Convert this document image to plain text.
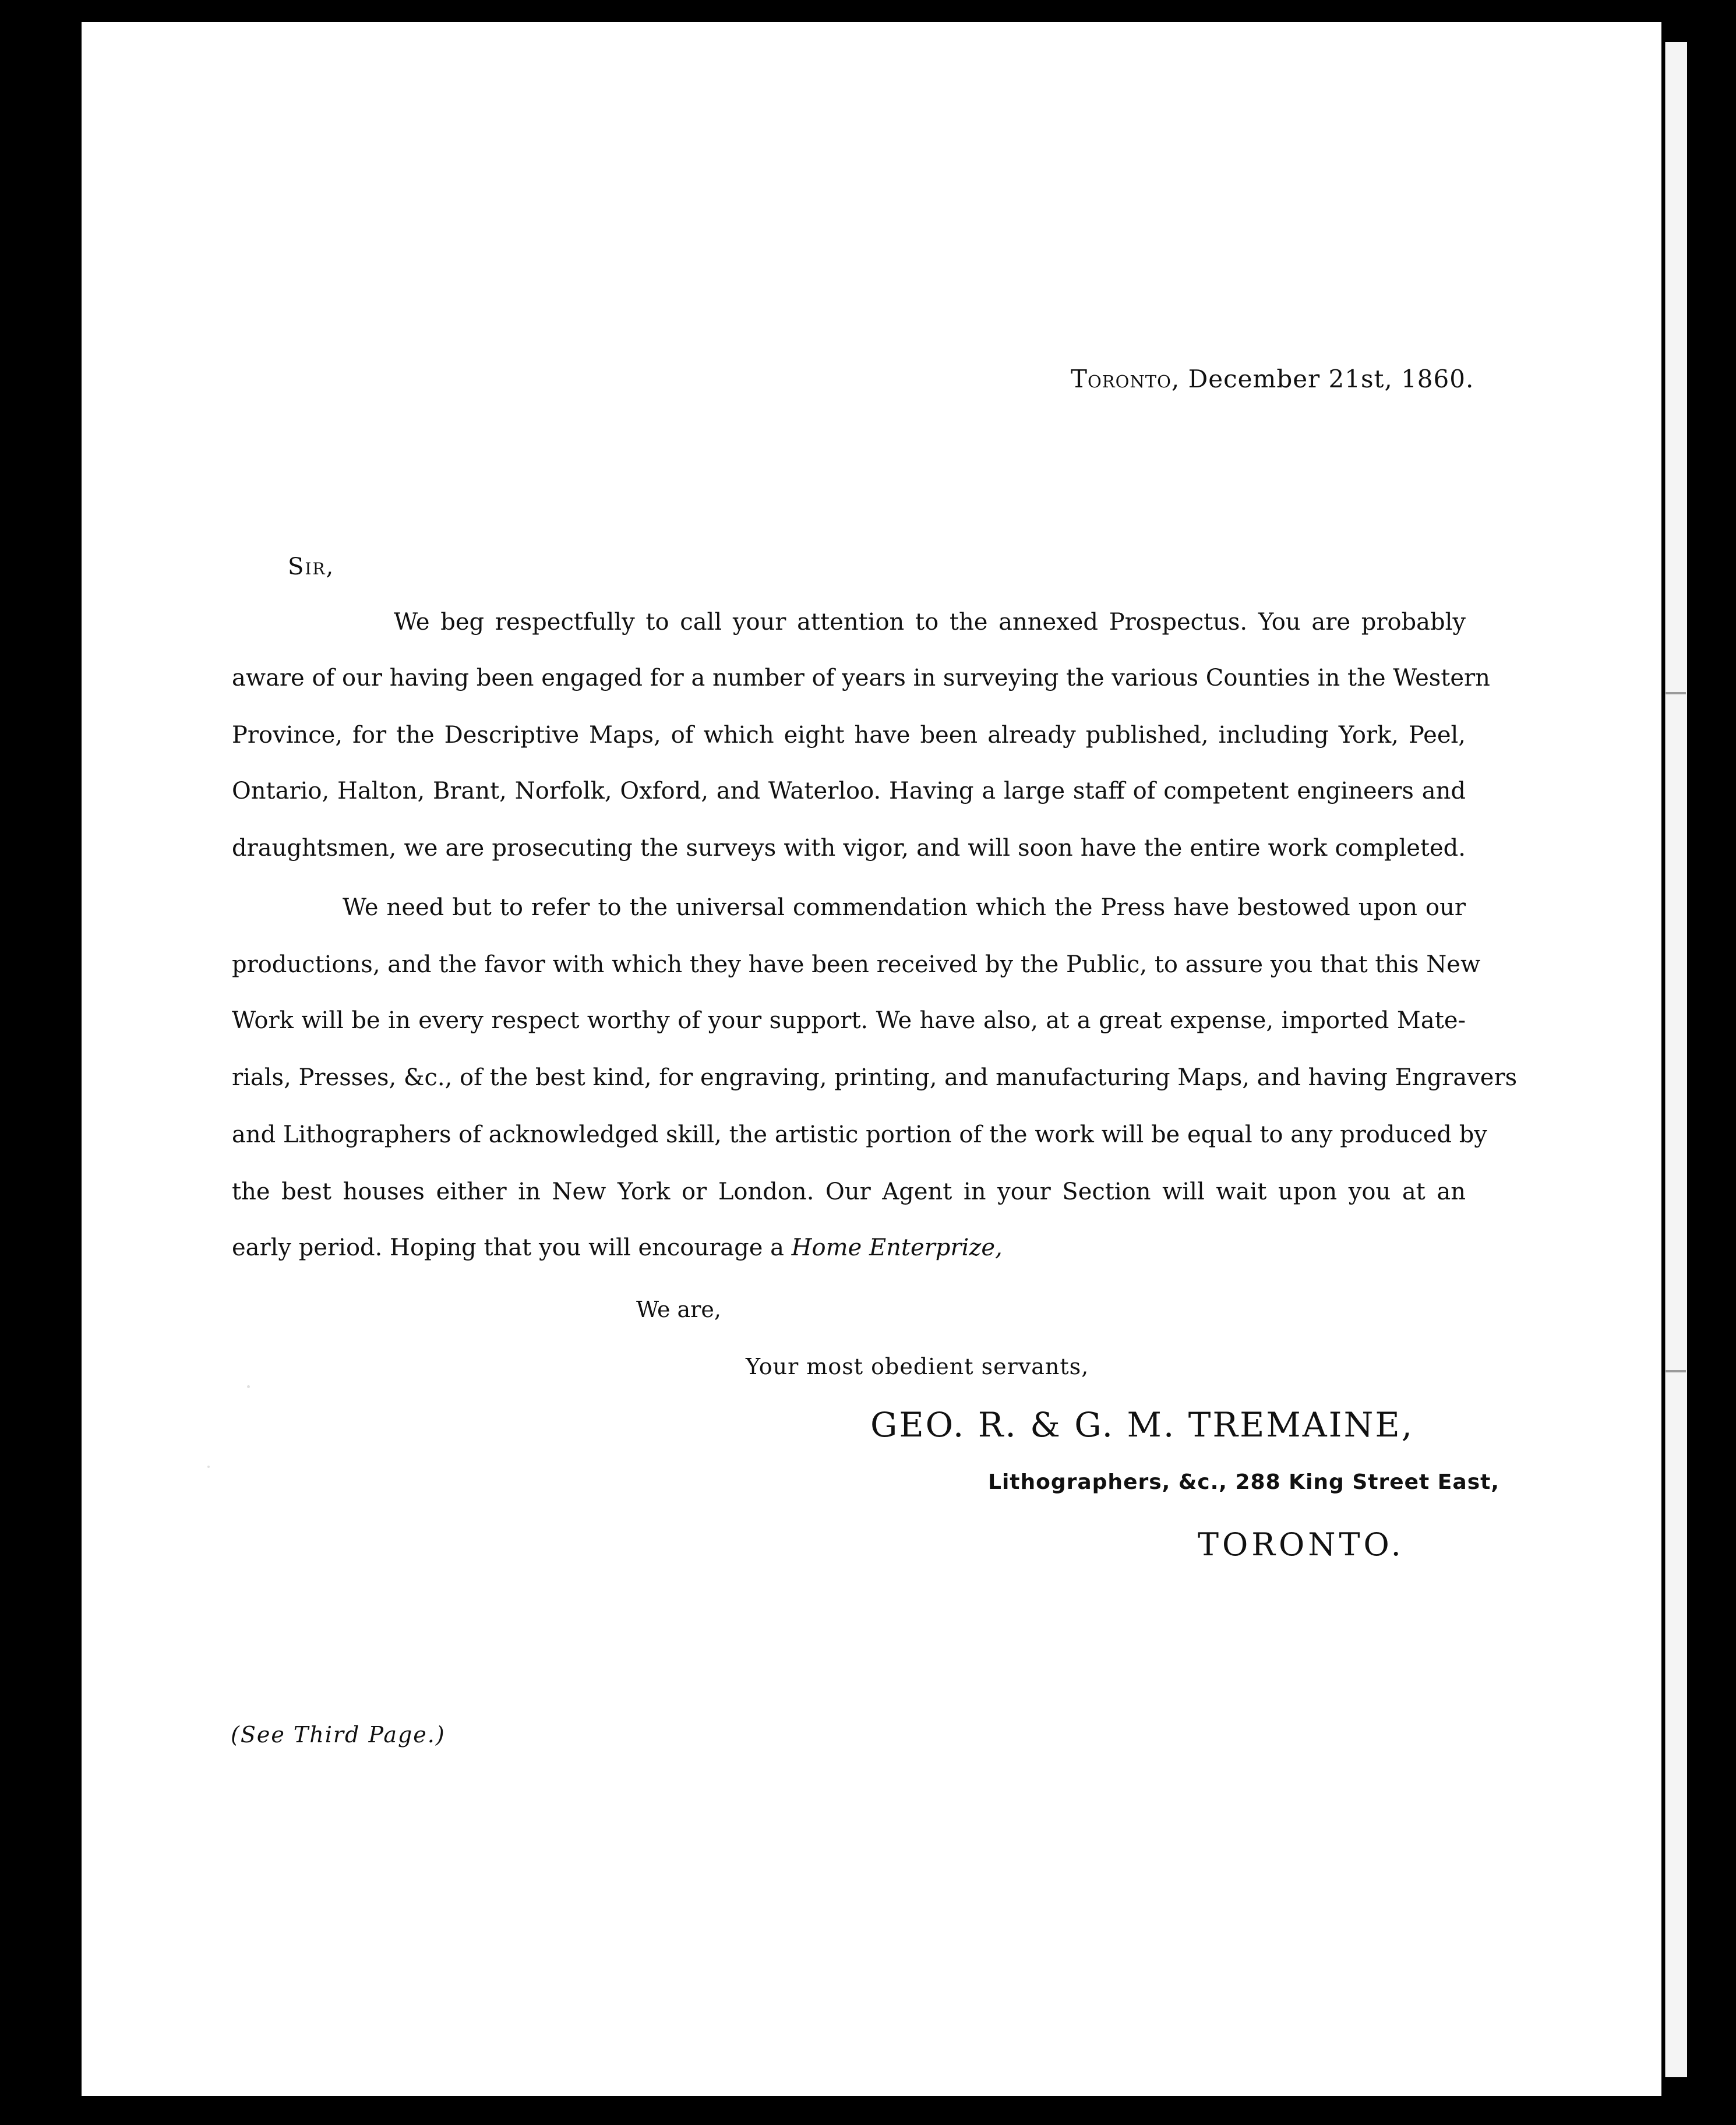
Toronto, December 21st, 1860.
Sir,
We beg respectfully to call your attention to the annexed Prospectus. You are probably
aware of our having been engaged for a number of years in surveying the various Counties in the Western
Province, for the Descriptive Maps, of which eight have been already published, including York, Peel,
Ontario, Halton, Brant, Norfolk, Oxford, and Waterloo. Having a large staff of competent engineers and
draughtsmen, we are prosecuting the surveys with vigor, and will soon have the entire work completed.
We need but to refer to the universal commendation which the Press have bestowed upon our
productions, and the favor with which they have been received by the Public, to assure you that this New
Work will be in every respect worthy of your support. We have also, at a great expense, imported Mate-
rials, Presses, &c., of the best kind, for engraving, printing, and manufacturing Maps, and having Engravers
and Lithographers of acknowledged skill, the artistic portion of the work will be equal to any produced by
the best houses either in New York or London. Our Agent in your Section will wait upon you at an
early period. Hoping that you will encourage a Home Enterprize,
We are,
Your most obedient servants,
GEO. R. & G. M. TREMAINE,
Lithographers, &c., 288 King Street East,
TORONTO.
(See Third Page.)
